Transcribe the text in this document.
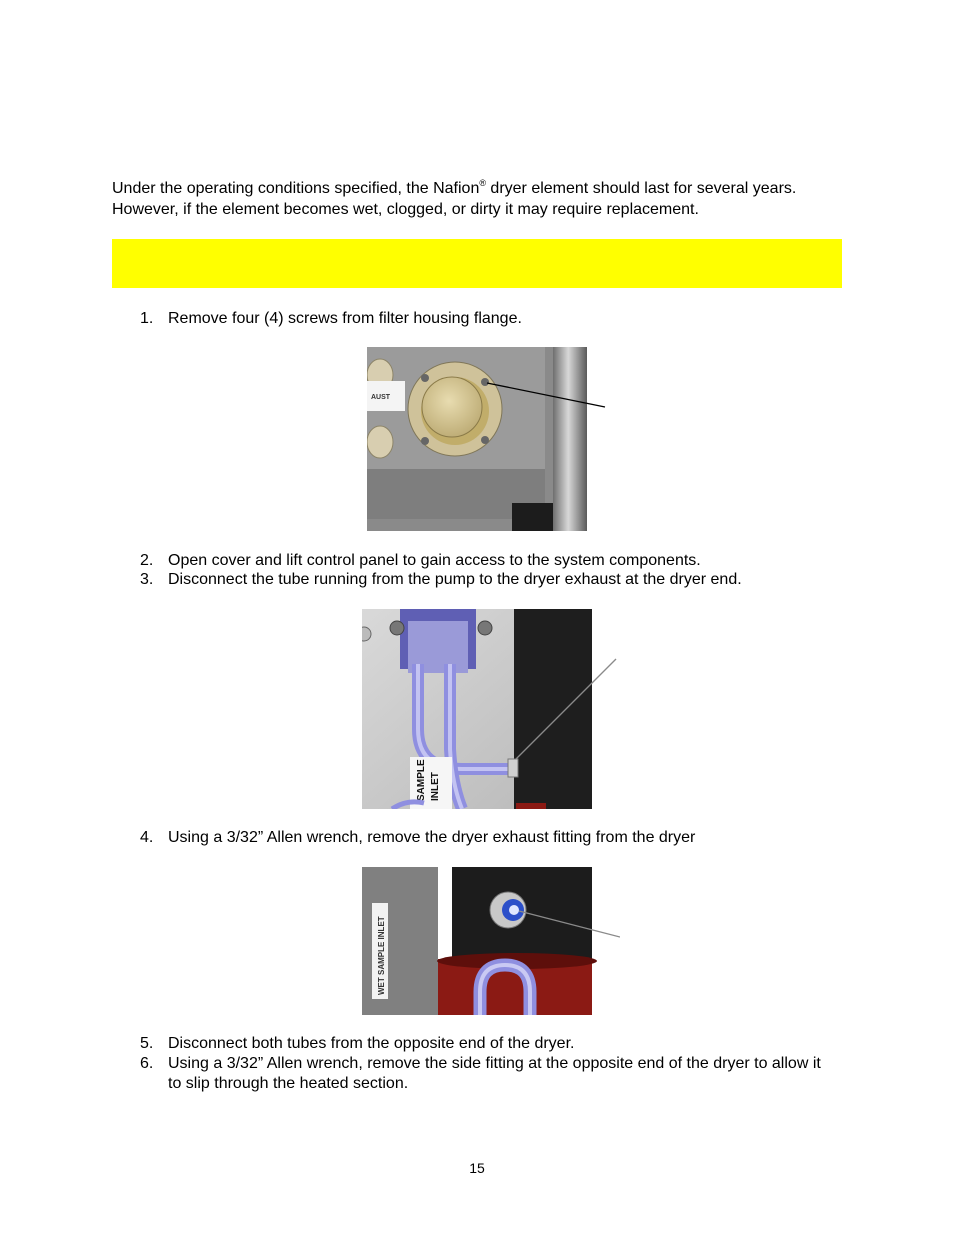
Under the operating conditions specified, the Nafion® dryer element should last for several years. However, if the element becomes wet, clogged, or dirty it may require replacement.
1. Remove four (4) screws from filter housing flange.
AUST
2. Open cover and lift control panel to gain access to the system components.
3. Disconnect the tube running from the pump to the dryer exhaust at the dryer end.
SAMPLE INLET
4. Using a 3/32” Allen wrench, remove the dryer exhaust fitting from the dryer
WET SAMPLE INLET
5. Disconnect both tubes from the opposite end of the dryer.
6. Using a 3/32” Allen wrench, remove the side fitting at the opposite end of the dryer to allow it to slip through the heated section.
15
